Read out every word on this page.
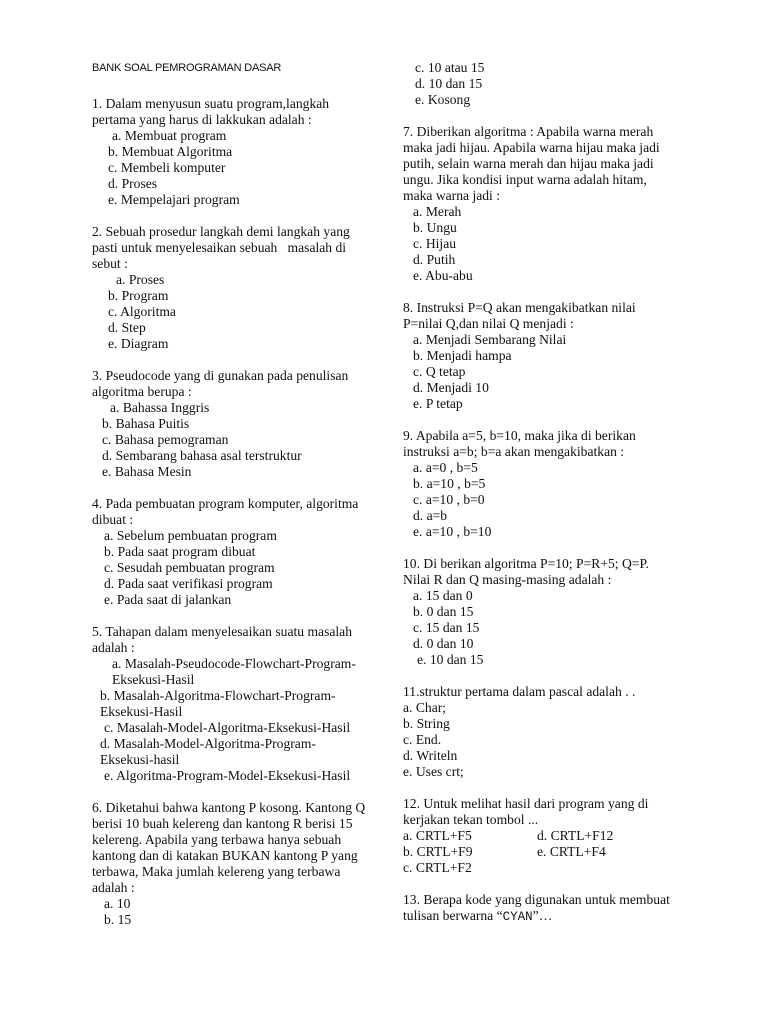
BANK SOAL PEMROGRAMAN DASAR
1. Dalam menyusun suatu program,langkah
pertama yang harus di lakkukan adalah :
a. Membuat program
b. Membuat Algoritma
c. Membeli komputer
d. Proses
e. Mempelajari program
2. Sebuah prosedur langkah demi langkah yang
pasti untuk menyelesaikan sebuah   masalah di
sebut :
a. Proses
b. Program
c. Algoritma
d. Step
e. Diagram
3. Pseudocode yang di gunakan pada penulisan
algoritma berupa :
a. Bahassa Inggris
b. Bahasa Puitis
c. Bahasa pemograman
d. Sembarang bahasa asal terstruktur
e. Bahasa Mesin
4. Pada pembuatan program komputer, algoritma
dibuat :
a. Sebelum pembuatan program
b. Pada saat program dibuat
c. Sesudah pembuatan program
d. Pada saat verifikasi program
e. Pada saat di jalankan
5. Tahapan dalam menyelesaikan suatu masalah
adalah :
a. Masalah-Pseudocode-Flowchart-Program-
Eksekusi-Hasil
b. Masalah-Algoritma-Flowchart-Program-
Eksekusi-Hasil
c. Masalah-Model-Algoritma-Eksekusi-Hasil
d. Masalah-Model-Algoritma-Program-
Eksekusi-hasil
e. Algoritma-Program-Model-Eksekusi-Hasil
6. Diketahui bahwa kantong P kosong. Kantong Q
berisi 10 buah kelereng dan kantong R berisi 15
kelereng. Apabila yang terbawa hanya sebuah
kantong dan di katakan BUKAN kantong P yang
terbawa, Maka jumlah kelereng yang terbawa
adalah :
a. 10
b. 15
c. 10 atau 15
d. 10 dan 15
e. Kosong
7. Diberikan algoritma : Apabila warna merah
maka jadi hijau. Apabila warna hijau maka jadi
putih, selain warna merah dan hijau maka jadi
ungu. Jika kondisi input warna adalah hitam,
maka warna jadi :
a. Merah
b. Ungu
c. Hijau
d. Putih
e. Abu-abu
8. Instruksi P=Q akan mengakibatkan nilai
P=nilai Q,dan nilai Q menjadi :
a. Menjadi Sembarang Nilai
b. Menjadi hampa
c. Q tetap
d. Menjadi 10
e. P tetap
9. Apabila a=5, b=10, maka jika di berikan
instruksi a=b; b=a akan mengakibatkan :
a. a=0 , b=5
b. a=10 , b=5
c. a=10 , b=0
d. a=b
e. a=10 , b=10
10. Di berikan algoritma P=10; P=R+5; Q=P.
Nilai R dan Q masing-masing adalah :
a. 15 dan 0
b. 0 dan 15
c. 15 dan 15
d. 0 dan 10
e. 10 dan 15
11.struktur pertama dalam pascal adalah . .
a. Char;
b. String
c. End.
d. Writeln
e. Uses crt;
12. Untuk melihat hasil dari program yang di
kerjakan tekan tombol ...
a. CRTL+F5	d. CRTL+F12
b. CRTL+F9	e. CRTL+F4
c. CRTL+F2
13. Berapa kode yang digunakan untuk membuat
tulisan berwarna “CYAN”…
